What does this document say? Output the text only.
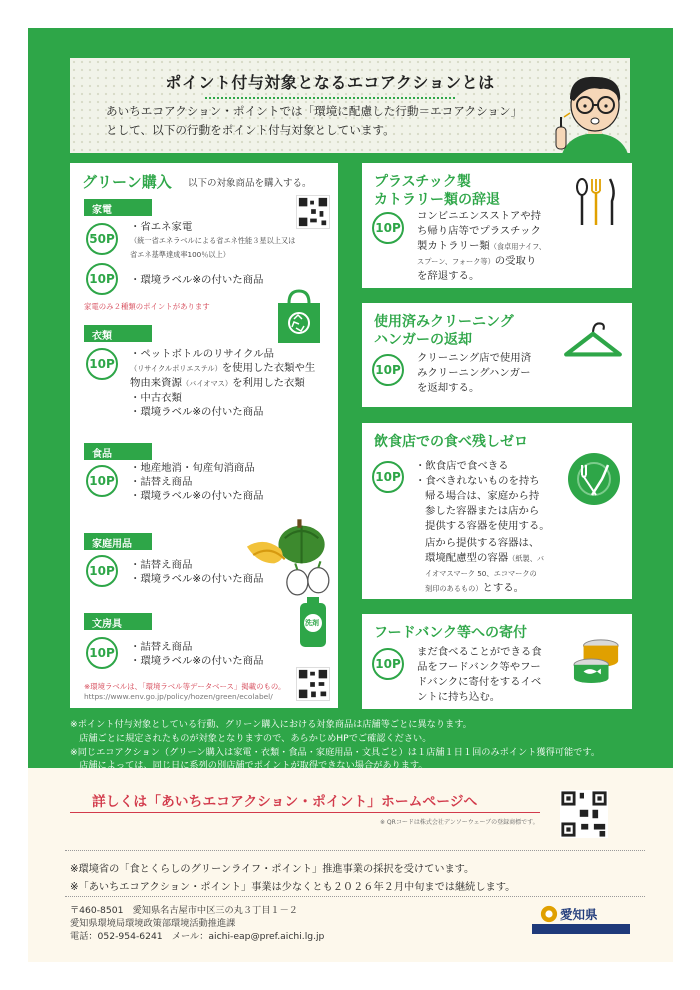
ポイント付与対象となるエコアクションとは
あいちエコアクション・ポイントでは「環境に配慮した行動＝エコアクション」
として、以下の行動をポイント付与対象としています。
グリーン購入 以下の対象商品を購入する。
家電
50P
・省エネ家電
（統一省エネラベルによる省エネ性能３星以上又は
省エネ基準達成率100％以上）
10P	・環境ラベル※の付いた商品
家電のみ２種類のポイントがあります
衣類
10P
・ペットボトルのリサイクル品
（リサイクルポリエステル）を使用した衣類や生
物由来資源（バイオマス）を利用した衣類
・中古衣類
・環境ラベル※の付いた商品
食品
10P
・地産地消・旬産旬消商品
・詰替え商品
・環境ラベル※の付いた商品
家庭用品
10P	・詰替え商品
・環境ラベル※の付いた商品
文房具
10P	・詰替え商品
・環境ラベル※の付いた商品
洗剤
※環境ラベルは、「環境ラベル等データベース」掲載のもの。
https://www.env.go.jp/policy/hozen/green/ecolabel/
プラスチック製
カトラリー類の辞退
10P
コンビニエンスストアや持
ち帰り店等でプラスチック
製カトラリー類（食卓用ナイフ、
スプーン、フォーク等）の受取り
を辞退する。
使用済みクリーニング
ハンガーの返却
10P
クリーニング店で使用済
みクリーニングハンガー
を返却する。
飲食店での食べ残しゼロ
10P
・飲食店で食べきる
・食べきれないものを持ち
帰る場合は、家庭から持
参した容器または店から
提供する容器を使用する。
店から提供する容器は、
環境配慮型の容器（紙製、バ
イオマスマーク 50、エコマークの
刻印のあるもの）とする。
フードバンク等への寄付
10P
まだ食べることができる食
品をフードバンク等やフー
ドバンクに寄付をするイベ
ントに持ち込む。
※ポイント付与対象としている行動、グリーン購入における対象商品は店舗等ごとに異なります。
　店舗ごとに規定されたものが対象となりますので、あらかじめHPでご確認ください。
※同じエコアクション（グリーン購入は家電・衣類・食品・家庭用品・文具ごと）は１店舗１日１回のみポイント獲得可能です。
　店舗によっては、同じ日に系列の別店舗でポイントが取得できない場合があります。
詳しくは「あいちエコアクション・ポイント」ホームページへ
※ QRコードは株式会社デンソーウェーブの登録商標です。
※環境省の「食とくらしのグリーンライフ・ポイント」推進事業の採択を受けています。
※「あいちエコアクション・ポイント」事業は少なくとも２０２６年２月中旬までは継続します。
〒460-8501　愛知県名古屋市中区三の丸３丁目１－２
愛知県環境局環境政策部環境活動推進課
電話：052-954-6241　メール：aichi-eap@pref.aichi.lg.jp
愛知県
